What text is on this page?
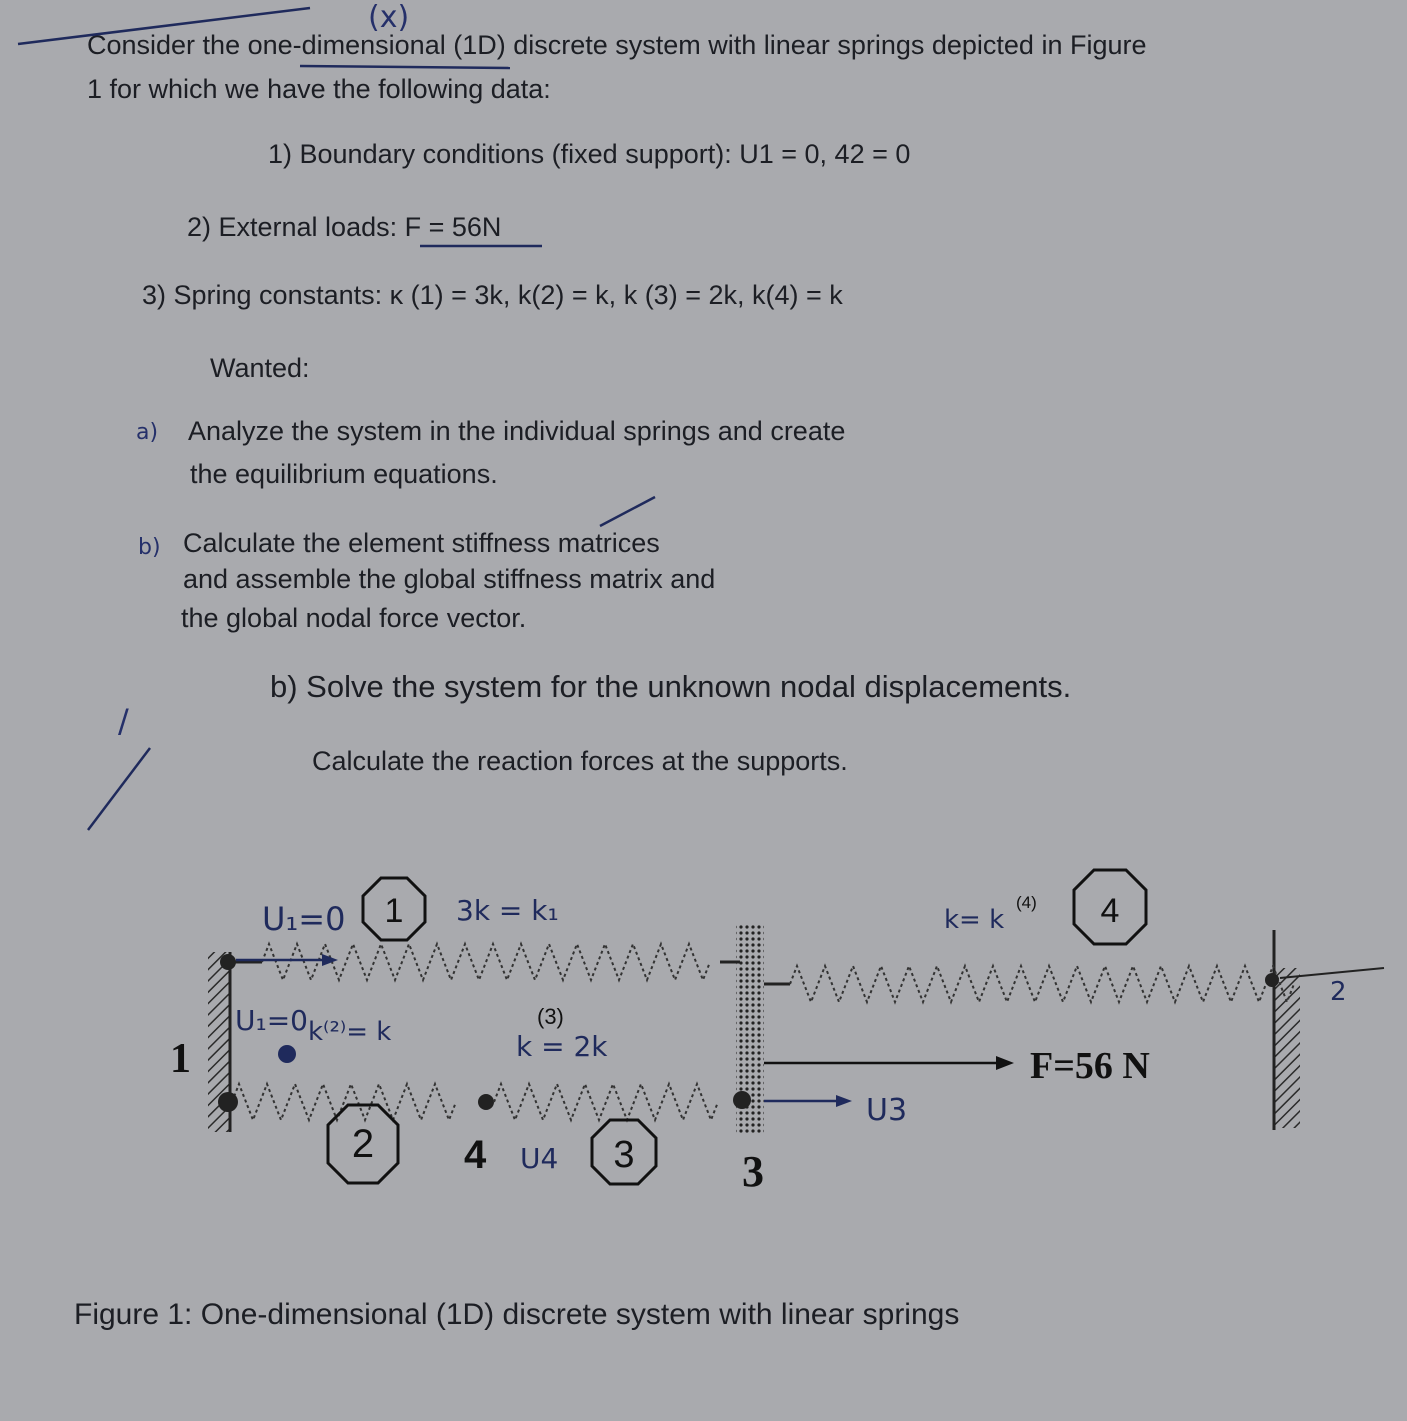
(x)
Consider the one-dimensional (1D) discrete system with linear springs depicted in Figure
1 for which we have the following data:
1) Boundary conditions (fixed support): U1 = 0, 42 = 0
2) External loads: F = 56N
3) Spring constants: κ (1) = 3k, k(2) = k, k (3) = 2k, k(4) = k
Wanted:
a) Analyze the system in the individual springs and create
the equilibrium equations.
b) Calculate the element stiffness matrices
and assemble the global stiffness matrix and
the global nodal force vector.
b) Solve the system for the unknown nodal displacements.
/
Calculate the reaction forces at the supports.
1
2	3
4
1
4	3
F=56 N
(3)
(4)
U₁=0	3k = k₁
U₁=0 k⁽²⁾= k	k = 2k
U4
U3
k= k
2
Figure 1: One-dimensional (1D) discrete system with linear springs
